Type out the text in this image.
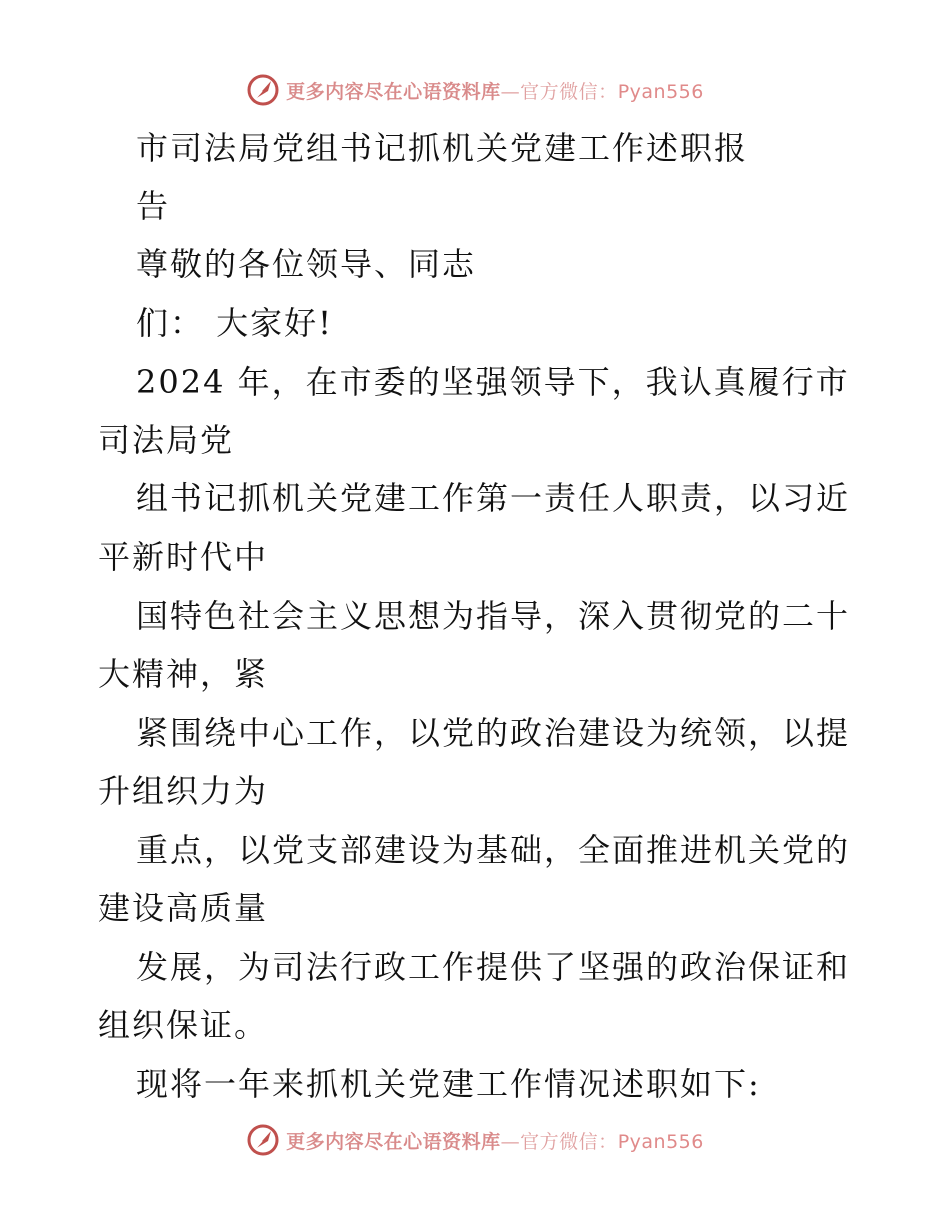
更多内容尽在心语资料库—官方微信：Pyan556
市司法局党组书记抓机关党建工作述职报
告
尊敬的各位领导、同志
们： 大家好!
2024 年，在市委的坚强领导下，我认真履行市
司法局党
组书记抓机关党建工作第一责任人职责，以习近
平新时代中
国特色社会主义思想为指导，深入贯彻党的二十
大精神，紧
紧围绕中心工作，以党的政治建设为统领，以提
升组织力为
重点，以党支部建设为基础，全面推进机关党的
建设高质量
发展，为司法行政工作提供了坚强的政治保证和
组织保证。
现将一年来抓机关党建工作情况述职如下:
更多内容尽在心语资料库—官方微信：Pyan556
